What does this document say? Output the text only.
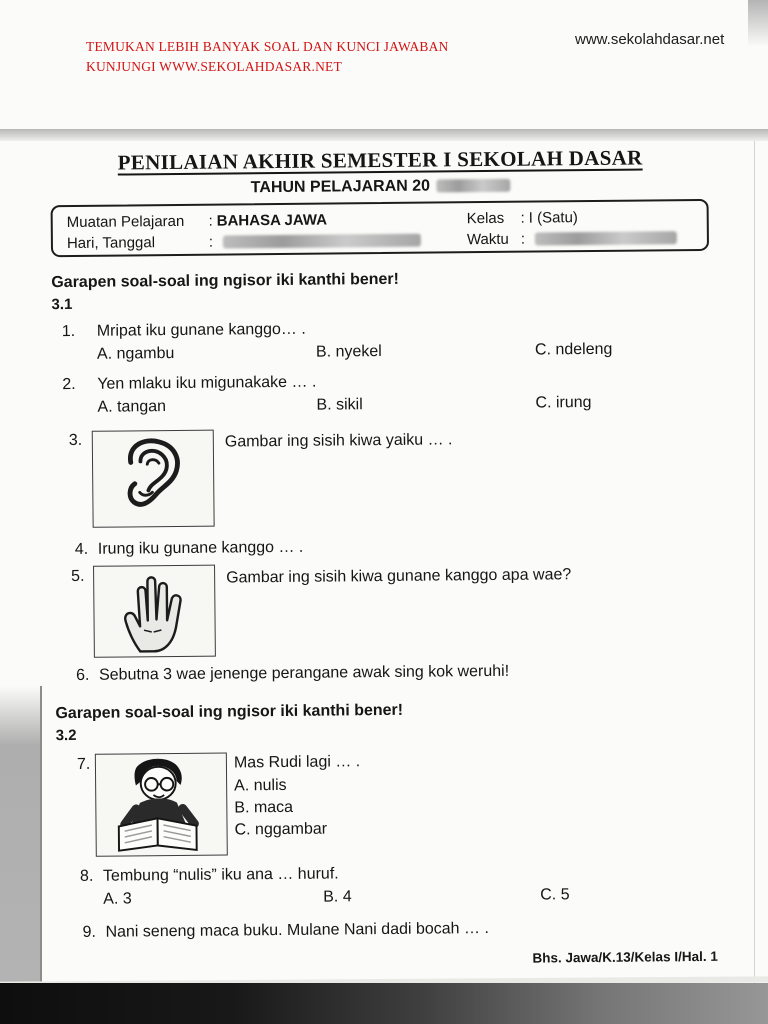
TEMUKAN LEBIH BANYAK SOAL DAN KUNCI JAWABAN
KUNJUNGI WWW.SEKOLAHDASAR.NET
www.sekolahdasar.net
PENILAIAN AKHIR SEMESTER I SEKOLAH DASAR
TAHUN PELAJARAN 20
Muatan Pelajaran	: BAHASA JAWA	Kelas	: I (Satu)
Hari, Tanggal	:	Waktu :
Garapen soal-soal ing ngisor iki kanthi bener!
3.1
1. Mripat iku gunane kanggo… .
A. ngambu	B. nyekel	C. ndeleng
2. Yen mlaku iku migunakake … .
A. tangan	B. sikil	C. irung
3.	Gambar ing sisih kiwa yaiku … .
4. Irung iku gunane kanggo … .
5.	Gambar ing sisih kiwa gunane kanggo apa wae?
6. Sebutna 3 wae jenenge perangane awak sing kok weruhi!
Garapen soal-soal ing ngisor iki kanthi bener!
3.2
7.	Mas Rudi lagi … .
A. nulis
B. maca
C. nggambar
8. Tembung “nulis” iku ana … huruf.
A. 3	B. 4	C. 5
9. Nani seneng maca buku. Mulane Nani dadi bocah … .
Bhs. Jawa/K.13/Kelas I/Hal. 1
